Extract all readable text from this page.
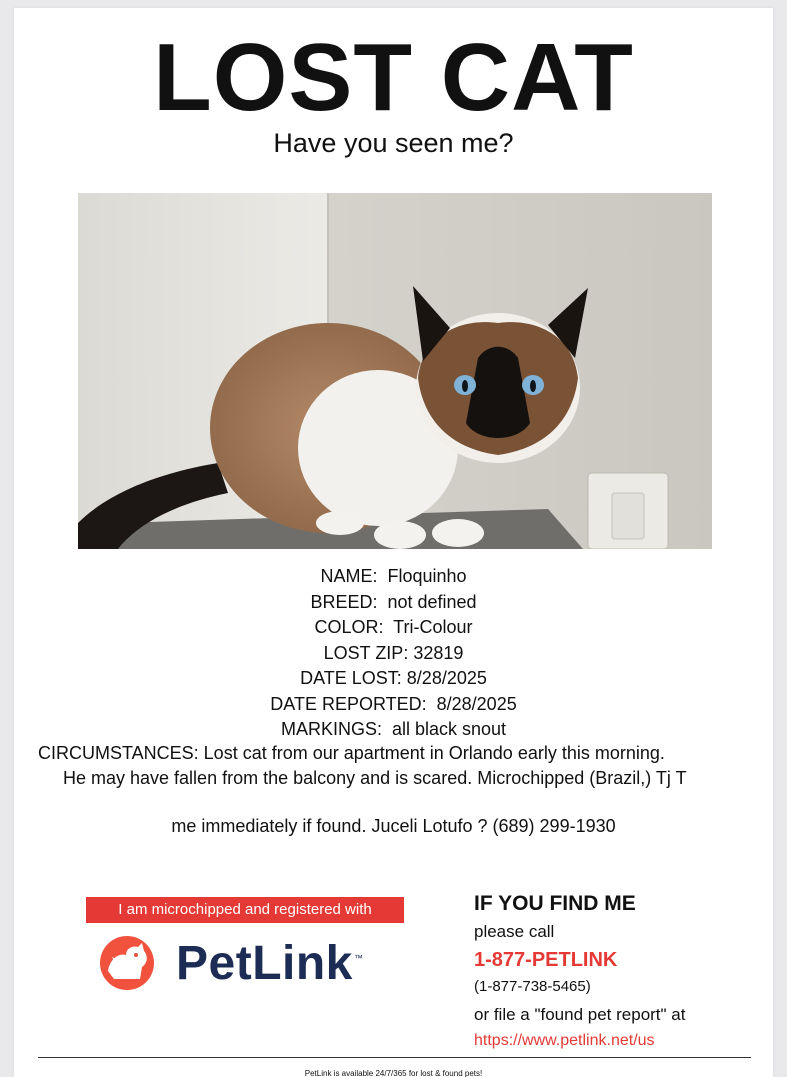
LOST CAT
Have you seen me?
NAME:  Floquinho
BREED:  not defined
COLOR:  Tri-Colour
LOST ZIP: 32819
DATE LOST: 8/28/2025
DATE REPORTED:  8/28/2025
MARKINGS:  all black snout
CIRCUMSTANCES: Lost cat from our apartment in Orlando early this morning.
He may have fallen from the balcony and is scared. Microchipped (Brazil,) Tj T
me immediately if found. Juceli Lotufo ? (689) 299-1930
I am microchipped and registered with
PetLink ™
IF YOU FIND ME
please call
1-877-PETLINK
(1-877-738-5465)
or file a "found pet report" at
https://www.petlink.net/us
PetLink is available 24/7/365 for lost & found pets!
